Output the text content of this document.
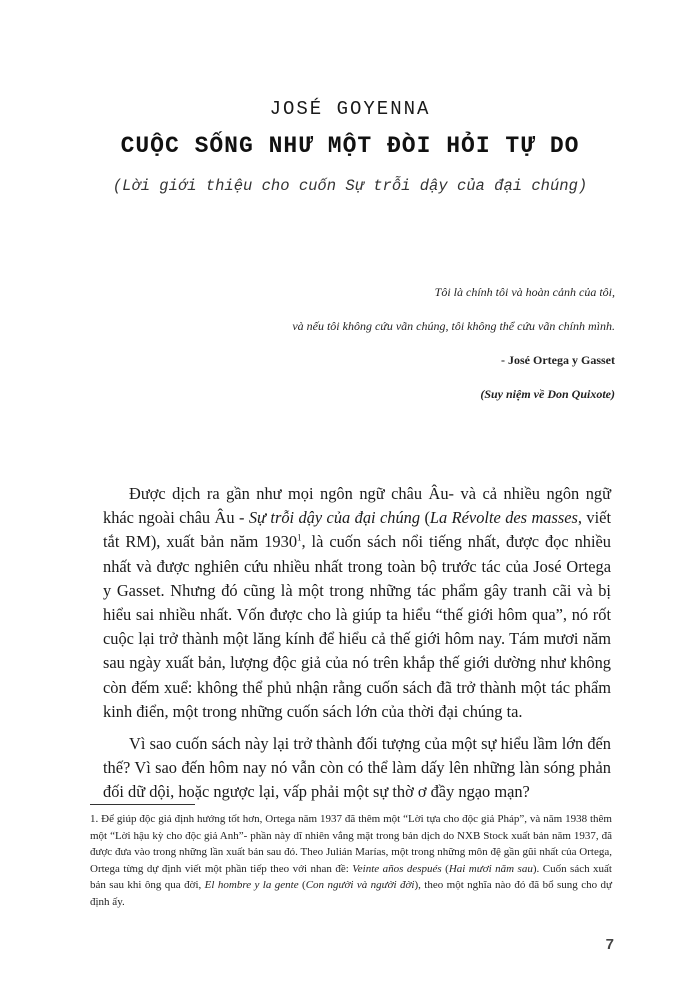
JOSÉ GOYENNA
CUỘC SỐNG NHƯ MỘT ĐÒI HỎI TỰ DO
(Lời giới thiệu cho cuốn Sự trỗi dậy của đại chúng)
Tôi là chính tôi và hoàn cảnh của tôi,
và nếu tôi không cứu vãn chúng, tôi không thể cứu vãn chính mình.
- José Ortega y Gasset
(Suy niệm về Don Quixote)

Được dịch ra gần như mọi ngôn ngữ châu Âu- và cả nhiều ngôn ngữ khác ngoài châu Âu - Sự trỗi dậy của đại chúng (La Révolte des masses, viết tắt RM), xuất bản năm 1930$^1$, là cuốn sách nổi tiếng nhất, được đọc nhiều nhất và được nghiên cứu nhiều nhất trong toàn bộ trước tác của José Ortega y Gasset. Nhưng đó cũng là một trong những tác phẩm gây tranh cãi và bị hiểu sai nhiều nhất. Vốn được cho là giúp ta hiểu “thế giới hôm qua”, nó rốt cuộc lại trở thành một lăng kính để hiểu cả thế giới hôm nay. Tám mươi năm sau ngày xuất bản, lượng độc giả của nó trên khắp thế giới dường như không còn đếm xuể: không thể phủ nhận rằng cuốn sách đã trở thành một tác phẩm kinh điển, một trong những cuốn sách lớn của thời đại chúng ta.

Vì sao cuốn sách này lại trở thành đối tượng của một sự hiểu lầm lớn đến thế? Vì sao đến hôm nay nó vẫn còn có thể làm dấy lên những làn sóng phản đối dữ dội, hoặc ngược lại, vấp phải một sự thờ ơ đầy ngạo mạn?

1. Để giúp độc giả định hướng tốt hơn, Ortega năm 1937 đã thêm một “Lời tựa cho độc giả Pháp”, và năm 1938 thêm một “Lời hậu kỳ cho độc giả Anh”- phần này dĩ nhiên vắng mặt trong bản dịch do NXB Stock xuất bản năm 1937, đã được đưa vào trong những lần xuất bản sau đó. Theo Julián Marías, một trong những môn đệ gần gũi nhất của Ortega, Ortega từng dự định viết một phần tiếp theo với nhan đề: Veinte años después (Hai mươi năm sau). Cuốn sách xuất bản sau khi ông qua đời, El hombre y la gente (Con người và người đời), theo một nghĩa nào đó đã bổ sung cho dự định ấy.
7
